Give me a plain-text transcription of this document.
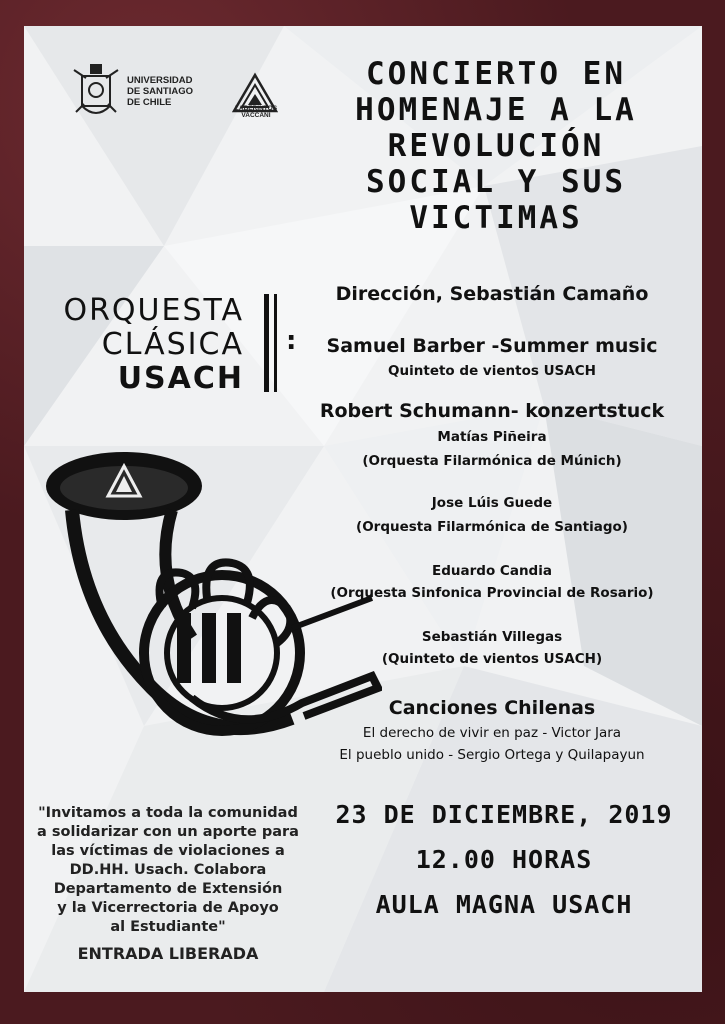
UNIVERSIDAD
DE SANTIAGO
DE CHILE
LABERINTOS
VACCANI
CONCIERTO EN
HOMENAJE A LA
REVOLUCIÓN
SOCIAL Y SUS
VICTIMAS
ORQUESTA
CLÁSICA
USACH
:
Dirección, Sebastián Camaño
Samuel Barber -Summer music
Quinteto de vientos USACH
Robert Schumann- konzertstuck
Matías Piñeira
(Orquesta Filarmónica de Múnich)
Jose Lúis Guede
(Orquesta Filarmónica de Santiago)
Eduardo Candia
(Orquesta Sinfonica Provincial de Rosario)
Sebastián Villegas
(Quinteto de vientos USACH)
Canciones Chilenas
El derecho de vivir en paz - Victor Jara
El pueblo unido - Sergio Ortega y Quilapayun
"Invitamos a toda la comunidad
a solidarizar con un aporte para
las víctimas de violaciones a
DD.HH. Usach. Colabora
Departamento de Extensión
y la Vicerrectoria de Apoyo
al Estudiante"
ENTRADA LIBERADA
23 DE DICIEMBRE, 2019
12.00 HORAS
AULA MAGNA USACH
